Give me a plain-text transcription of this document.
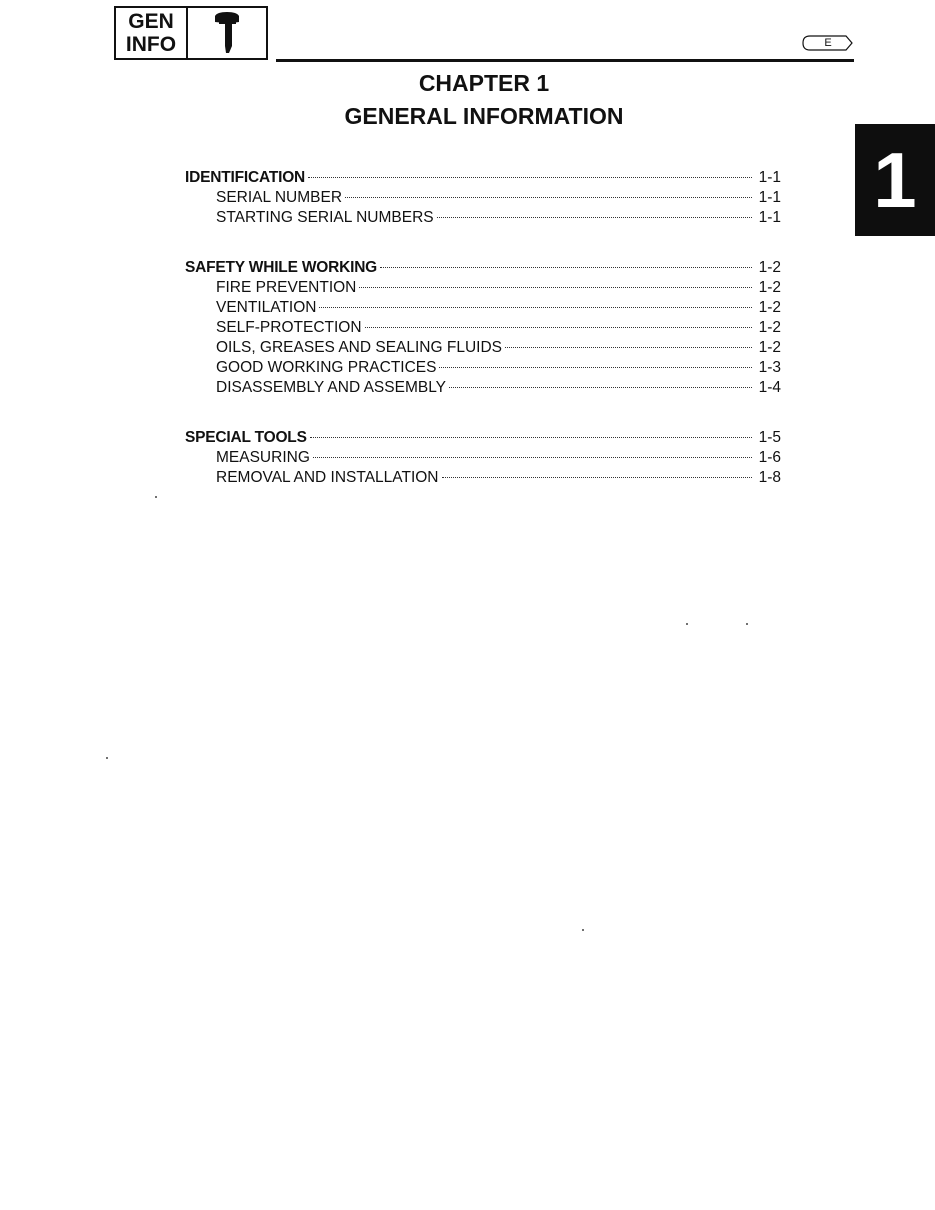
GEN
INFO	E
CHAPTER 1
GENERAL INFORMATION
1
IDENTIFICATION	1-1
SERIAL NUMBER	1-1
STARTING SERIAL NUMBERS	1-1
SAFETY WHILE WORKING	1-2
FIRE PREVENTION	1-2
VENTILATION	1-2
SELF-PROTECTION	1-2
OILS, GREASES AND SEALING FLUIDS	1-2
GOOD WORKING PRACTICES	1-3
DISASSEMBLY AND ASSEMBLY	1-4
SPECIAL TOOLS	1-5
MEASURING	1-6
REMOVAL AND INSTALLATION	1-8
